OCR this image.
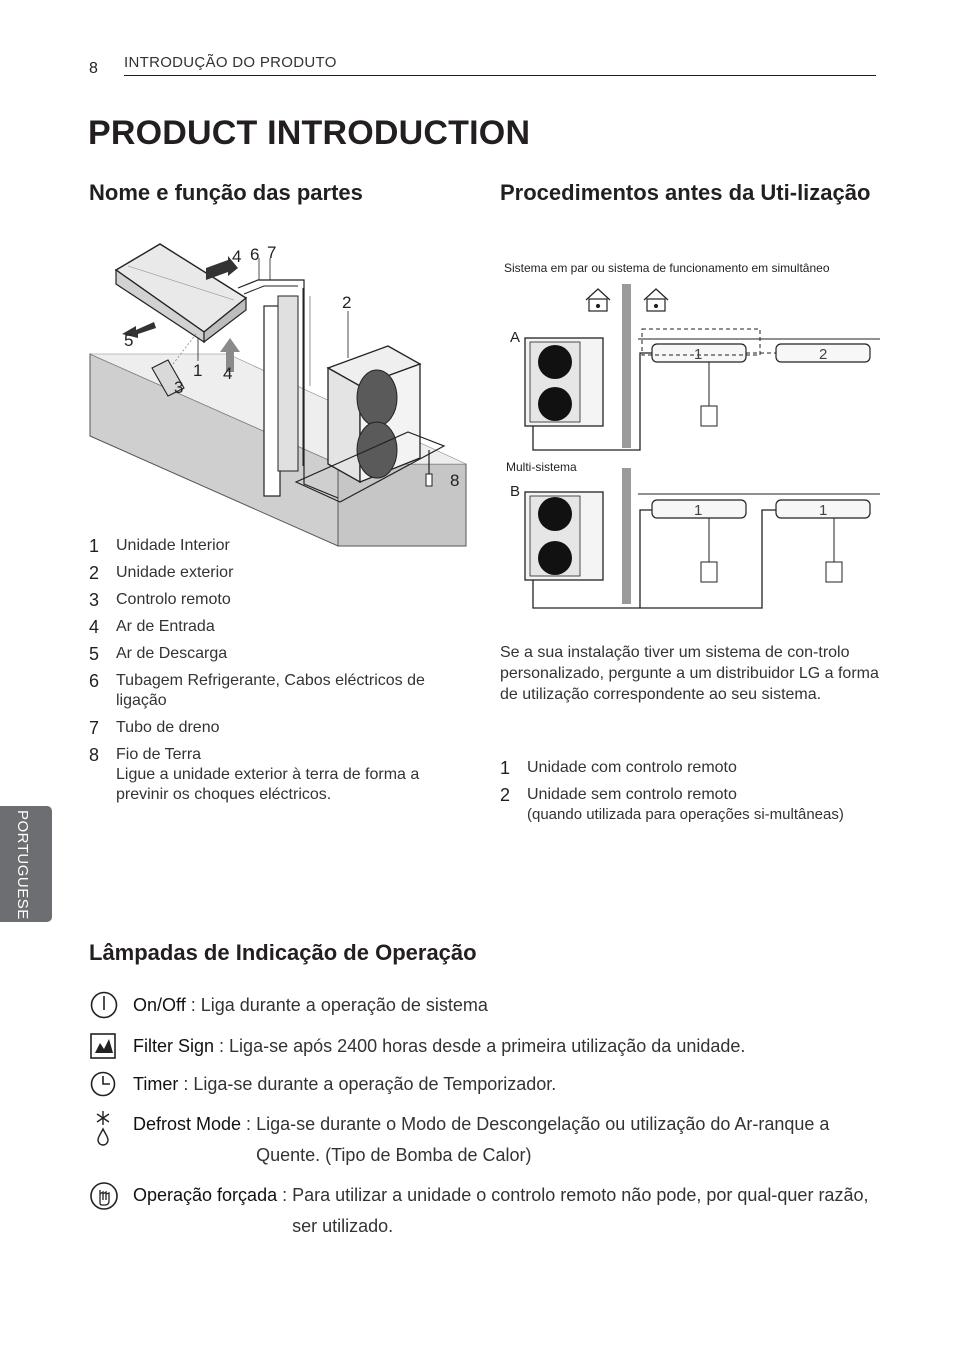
8 INTRODUÇÃO DO PRODUTO
PRODUCT INTRODUCTION
PORTUGUESE
Nome e função das partes
4 6 7
2
5
1 4
3
8
1	Unidade Interior
2	Unidade exterior
3	Controlo remoto
4	Ar de Entrada
5	Ar de Descarga
6	Tubagem Refrigerante, Cabos eléctricos de ligação
7	Tubo de dreno
8	Fio de Terra
Ligue a unidade exterior à terra de forma a previnir os choques eléctricos.
Procedimentos antes da Uti-lização
Sistema em par ou sistema de funcionamento em simultâneo
A
B
1	2
1	1
Multi-sistema
Se a sua instalação tiver um sistema de con-trolo personalizado, pergunte a um distribuidor LG a forma de utilização correspondente ao seu sistema.
1	Unidade com controlo remoto
2	Unidade sem controlo remoto
(quando utilizada para operações si-multâneas)
Lâmpadas de Indicação de Operação
On/Off : Liga durante a operação de sistema
Filter Sign : Liga-se após 2400 horas desde a primeira utilização da unidade.
Timer : Liga-se durante a operação de Temporizador.
Defrost Mode : Liga-se durante o Modo de Descongelação ou utilização do Ar-ranque a Quente. (Tipo de Bomba de Calor)
Operação forçada : Para utilizar a unidade o controlo remoto não pode, por qual-quer razão, ser utilizado.
